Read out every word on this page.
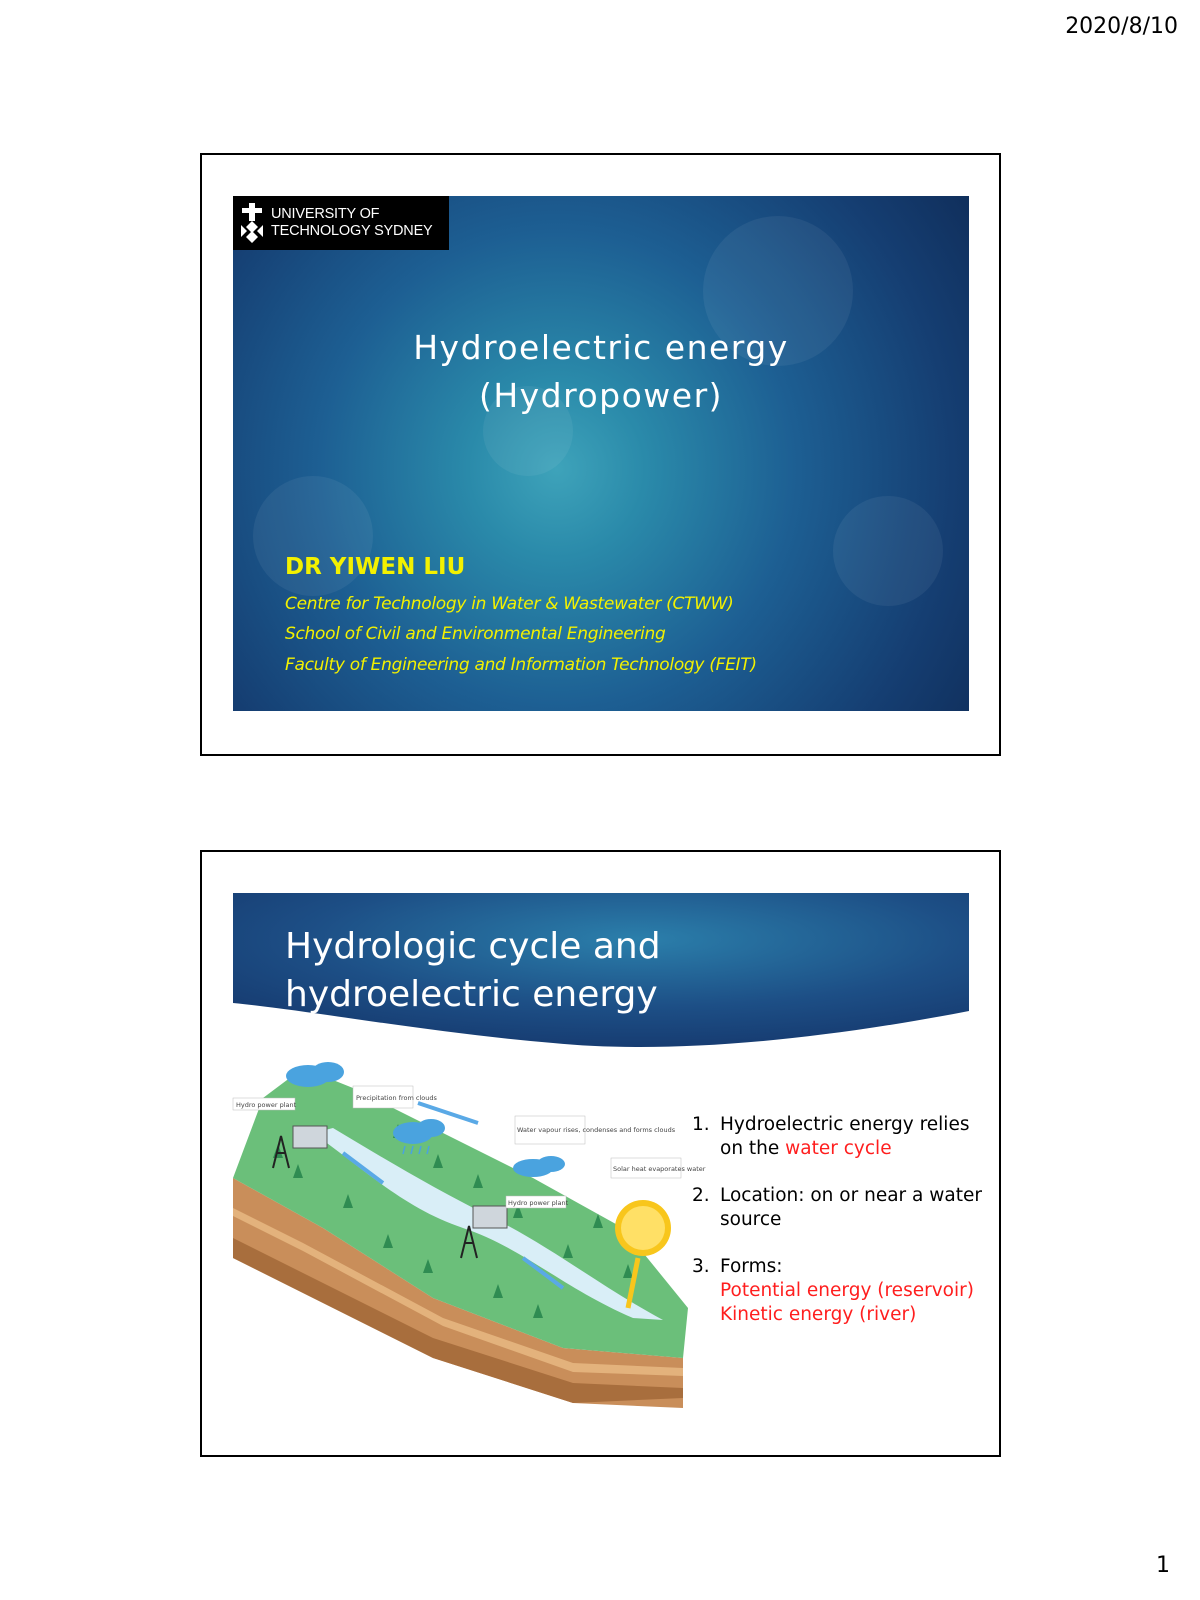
2020/8/10
UNIVERSITY OF
TECHNOLOGY SYDNEY
Hydroelectric energy
(Hydropower)
DR YIWEN LIU
Centre for Technology in Water & Wastewater (CTWW)
School of Civil and Environmental Engineering
Faculty of Engineering and Information Technology (FEIT)
Hydrologic cycle and
hydroelectric energy
Hydro power plant
Precipitation from clouds
Water vapour rises, condenses and forms clouds
Solar heat evaporates water
Hydro power plant
1. Hydroelectric energy relies on the water cycle
2. Location: on or near a water source
3. Forms:
Potential energy (reservoir)
Kinetic energy (river)
1
